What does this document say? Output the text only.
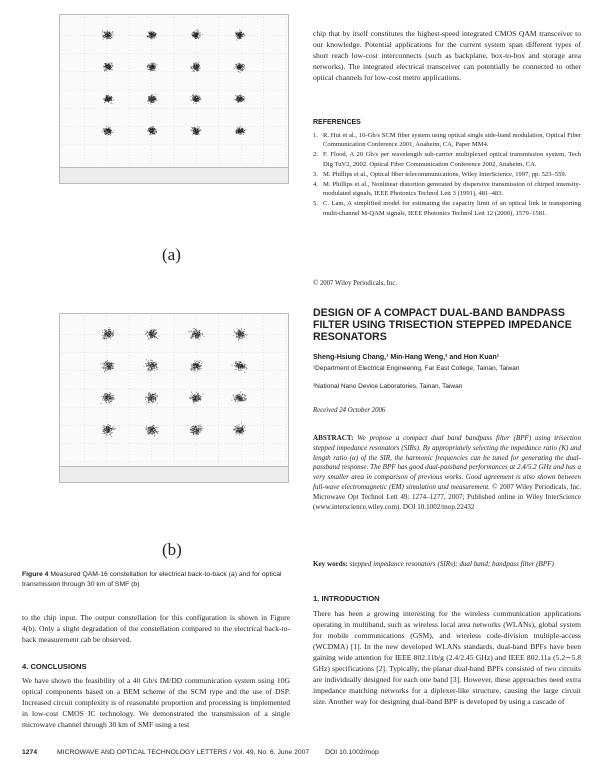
(a)

(b)
Figure 4 Measured QAM-16 constellation for electrical back-to-back (a) and for optical transmission through 30 km of SMF (b)
to the chip input. The output constellation for this configuration is shown in Figure 4(b). Only a slight degradation of the constellation compared to the electrical back-to-back measurement cab be observed.
4. CONCLUSIONS
We have shown the feasibility of a 40 Gb/s IM/DD communication system using 10G optical components based on a BEM scheme of the SCM type and the use of DSP. Increased circuit complexity is of reasonable proportion and processing is implemented in low-cost CMOS IC technology. We demonstrated the transmission of a single microwave channel through 30 km of SMF using a test
chip that by itself constitutes the highest-speed integrated CMOS QAM transceiver to our knowledge. Potential applications for the current system span different types of short reach low-cost interconnects (such as backplane, box-to-box and storage area networks). The integrated electrical transceiver can potentially be connected to other optical channels for low-cost metro applications.
REFERENCES
1. R. Hui et al., 10-Gb/s SCM fiber system using optical single side-band modulation, Optical Fiber Communication Conference 2001, Anaheim, CA, Paper MM4.
2. F. Flood, A 20 Gb/s per wavelength sub-carrier multiplexed optical transmission system, Tech Dig TuV2, 2002. Optical Fiber Communication Conference 2002, Anaheim, CA.
3. M. Phillips et al., Optical fiber telecommunications, Wiley InterScience, 1997, pp. 523–559.
4. M. Phillips et al., Nonlinear distortion generated by dispersive transmission of chirped intensity-modulated signals, IEEE Photonics Technol Lett 3 (1991), 481–483.
5. C. Lam, A simplified model for estimating the capacity limit of an optical link in transporting multi-channel M-QAM signals, IEEE Photonics Technol Lett 12 (2000), 1579–1581.
© 2007 Wiley Periodicals, Inc.
DESIGN OF A COMPACT DUAL-BAND BANDPASS FILTER USING TRISECTION STEPPED IMPEDANCE RESONATORS
Sheng-Hsiung Chang,¹ Min-Hang Weng,² and Hon Kuan¹
¹Department of Electrical Engineering, Far East College, Tainan, Taiwan
²National Nano Device Laboratories, Tainan, Taiwan
Received 24 October 2006
ABSTRACT: We propose a compact dual band bandpass filter (BPF) using trisection stepped impedance resonators (SIRs). By appropriately selecting the impedance ratio (K) and length ratio (α) of the SIR, the harmonic frequencies can be tuned for generating the dual-passband response. The BPF has good dual-passband performances at 2.4/5.2 GHz and has a very smaller area in comparison of previous works. Good agreement is also shown between full-wave electromagnetic (EM) simulation and measurement. © 2007 Wiley Periodicals, Inc. Microwave Opt Technol Lett 49: 1274–1277, 2007; Published online in Wiley InterScience (www.interscience.wiley.com). DOI 10.1002/mop.22432
Key words: stepped impedance resonators (SIRs); dual band; bandpass filter (BPF)
1. INTRODUCTION
There has been a growing interesting for the wireless communication applications operating in multiband, such as wireless local area networks (WLANs), global system for mobile communications (GSM), and wireless code-division multiple-access (WCDMA) [1]. In the new developed WLANs standards, dual-band BPFs have been gaining wide attention for IEEE 802.11b/g (2.4/2.45 GHz) and IEEE 802.11a (5.2∼5.8 GHz) specifications [2]. Typically, the planar dual-band BPFs consisted of two circuits are individually designed for each one band [3]. However, these approaches need extra impedance matching networks for a diplexer-like structure, causing the large circuit size. Another way for designing dual-band BPF is developed by using a cascade of
1274	MICROWAVE AND OPTICAL TECHNOLOGY LETTERS / Vol. 49, No. 6, June 2007 DOI 10.1002/mop
